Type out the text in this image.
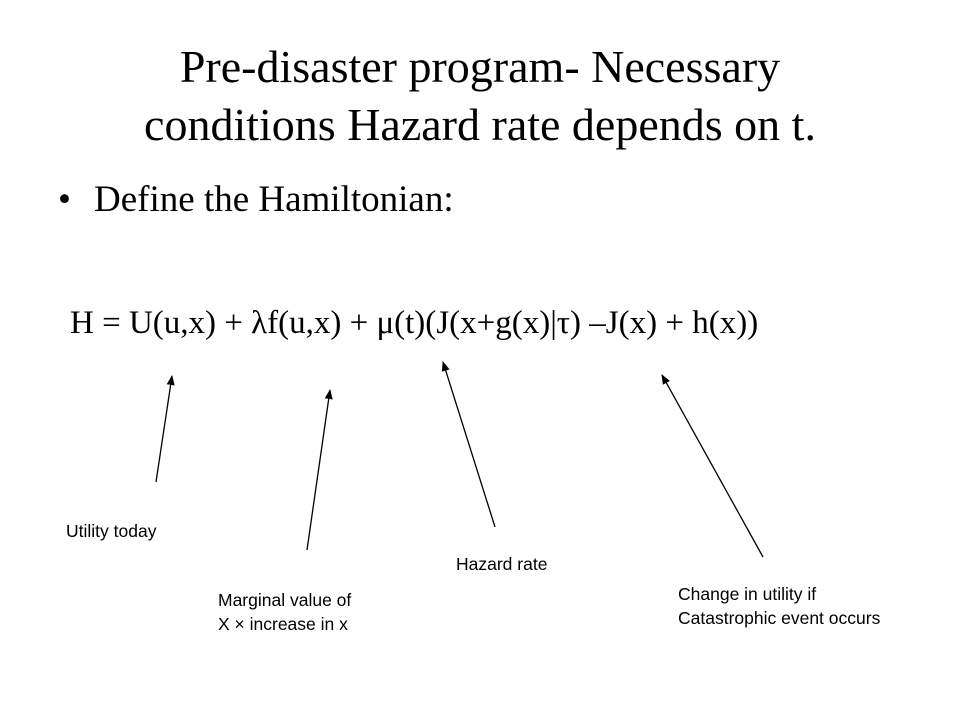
Pre-disaster program- Necessary
conditions Hazard rate depends on t.
• Define the Hamiltonian:
H = U(u,x) + λf(u,x) + μ(t)(J(x+g(x)|τ) –J(x) + h(x))
Utility today
Marginal value of
X × increase in x
Hazard rate
Change in utility if
Catastrophic event occurs
